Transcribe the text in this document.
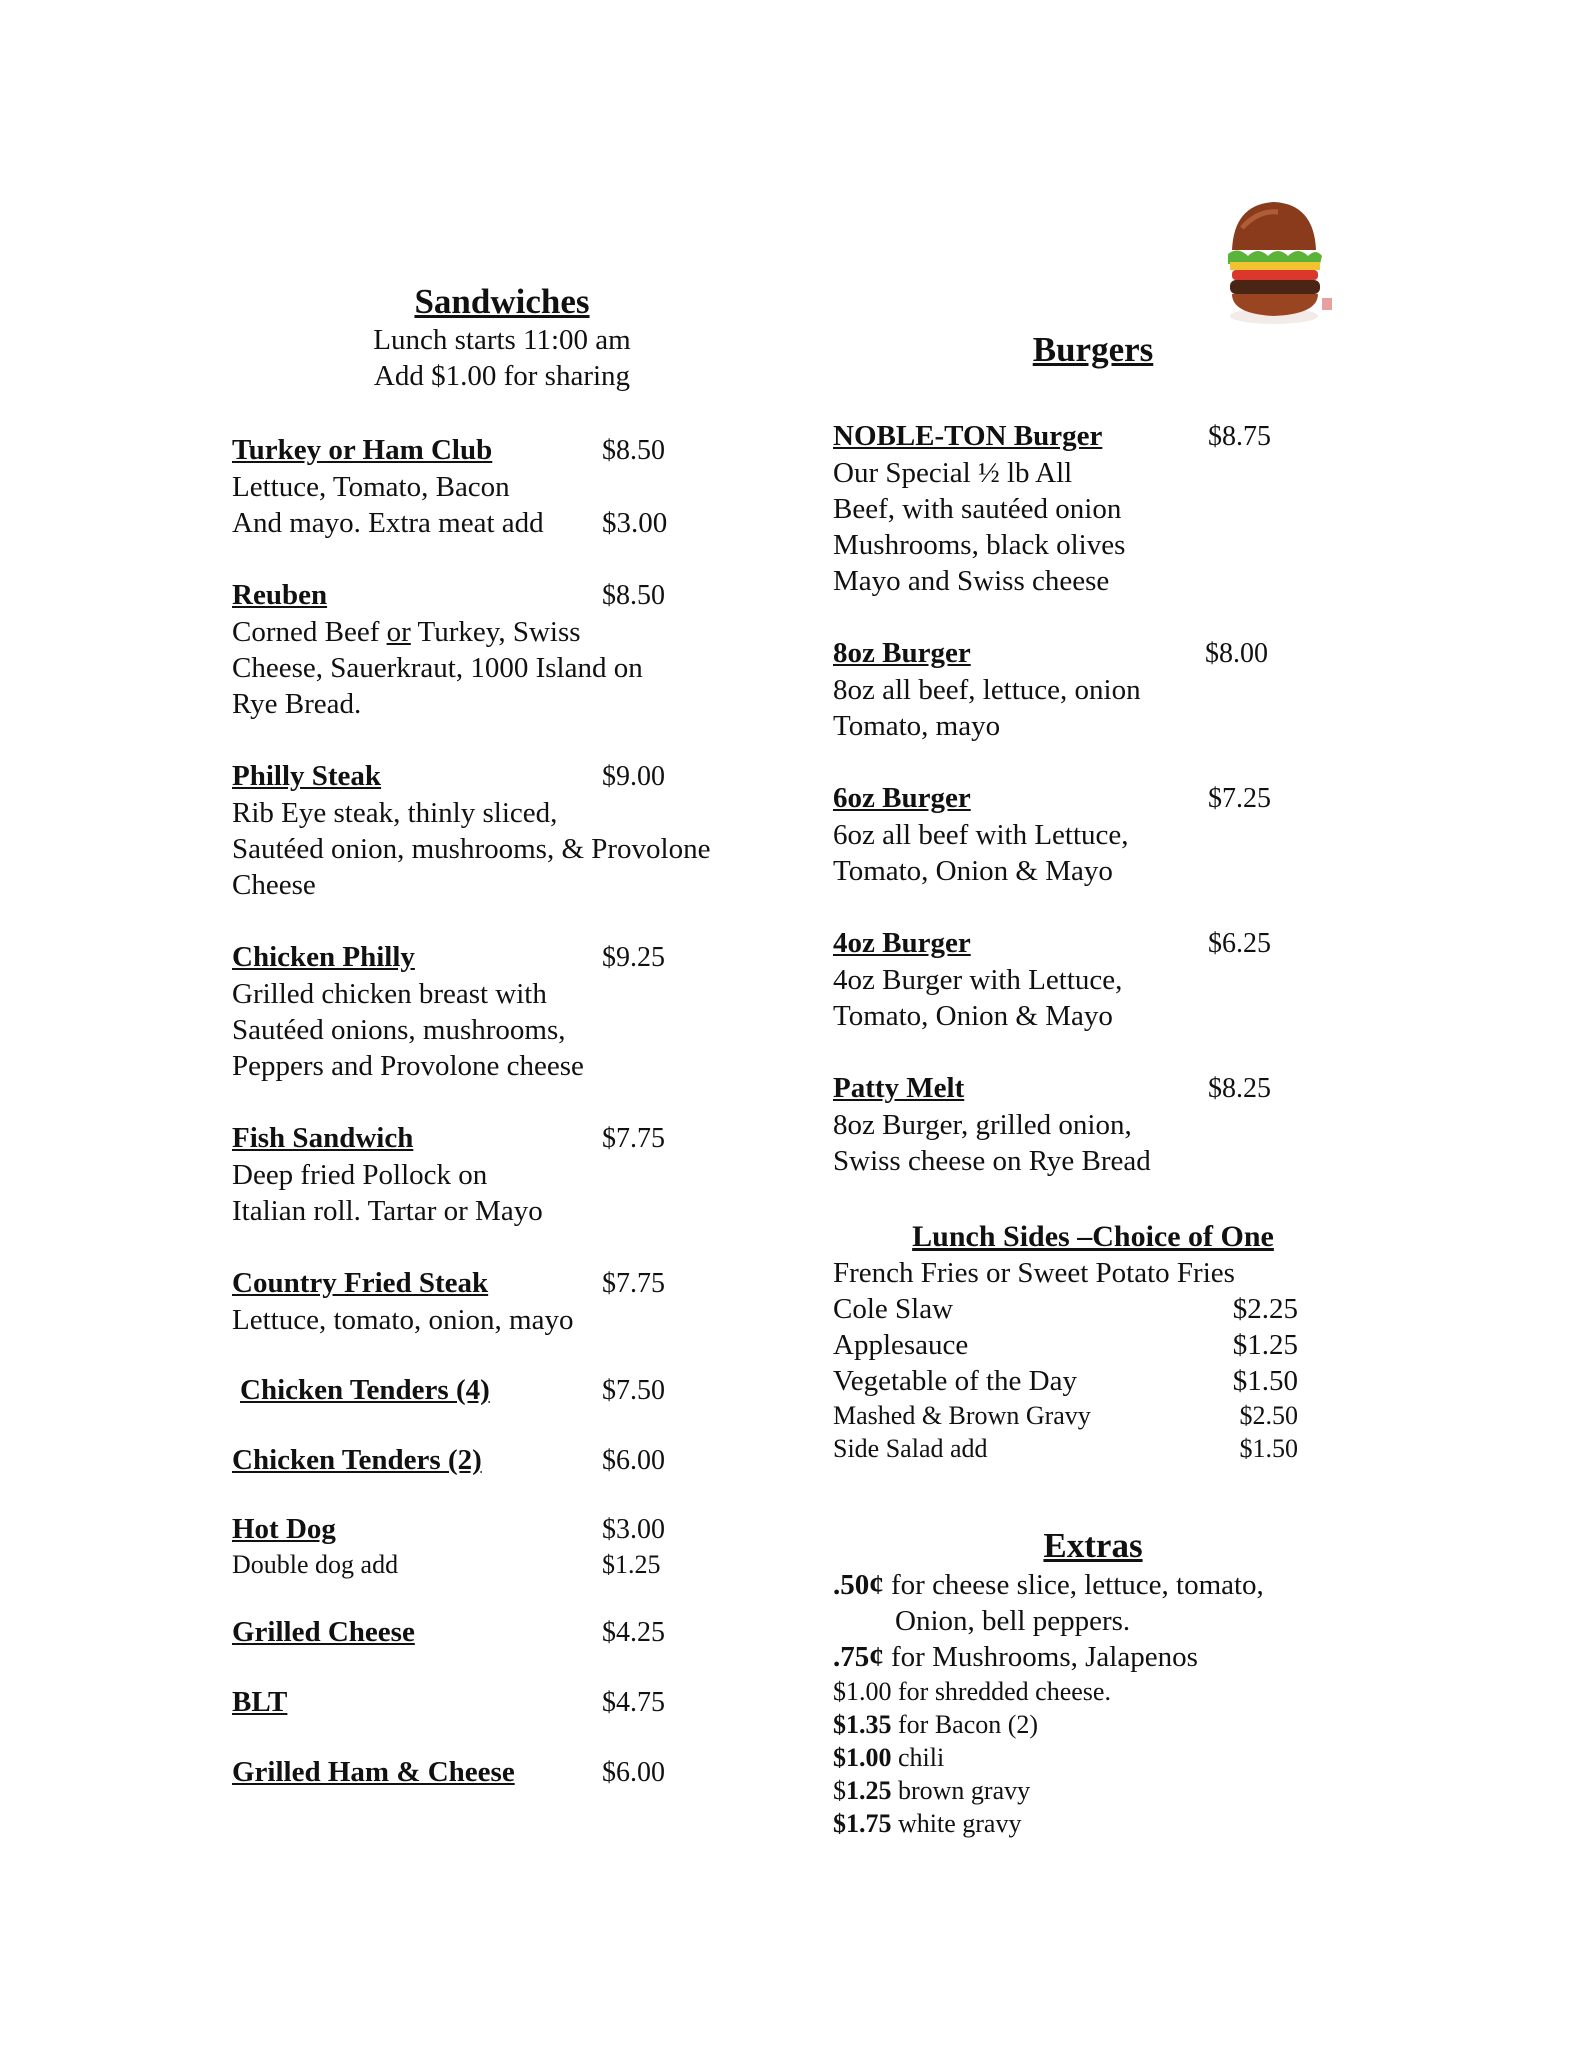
Sandwiches
Lunch starts 11:00 am
Add $1.00 for sharing
Turkey or Ham Club	$8.50
Lettuce, Tomato, Bacon
And mayo. Extra meat add	$3.00
Reuben	$8.50
Corned Beef or Turkey, Swiss
Cheese, Sauerkraut, 1000 Island on
Rye Bread.
Philly Steak	$9.00
Rib Eye steak, thinly sliced,
Sautéed onion, mushrooms, & Provolone
Cheese
Chicken Philly	$9.25
Grilled chicken breast with
Sautéed onions, mushrooms,
Peppers and Provolone cheese
Fish Sandwich	$7.75
Deep fried Pollock on
Italian roll. Tartar or Mayo
Country Fried Steak	$7.75
Lettuce, tomato, onion, mayo
Chicken Tenders (4)	$7.50
Chicken Tenders (2)	$6.00
Hot Dog	$3.00
Double dog add	$1.25
Grilled Cheese	$4.25
BLT	$4.75
Grilled Ham & Cheese	$6.00
Burgers
NOBLE-TON Burger	$8.75
Our Special ½ lb All
Beef, with sautéed onion
Mushrooms, black olives
Mayo and Swiss cheese
8oz Burger	$8.00
8oz all beef, lettuce, onion
Tomato, mayo
6oz Burger	$7.25
6oz all beef with Lettuce,
Tomato, Onion & Mayo
4oz Burger	$6.25
4oz Burger with Lettuce,
Tomato, Onion & Mayo
Patty Melt	$8.25
8oz Burger, grilled onion,
Swiss cheese on Rye Bread
Lunch Sides –Choice of One
French Fries or Sweet Potato Fries
Cole Slaw	$2.25
Applesauce	$1.25
Vegetable of the Day	$1.50
Mashed & Brown Gravy	$2.50
Side Salad add	$1.50
Extras
.50¢ for cheese slice, lettuce, tomato,
Onion, bell peppers.
.75¢ for Mushrooms, Jalapenos
$1.00 for shredded cheese.
$1.35 for Bacon (2)
$1.00 chili
$1.25 brown gravy
$1.75 white gravy
